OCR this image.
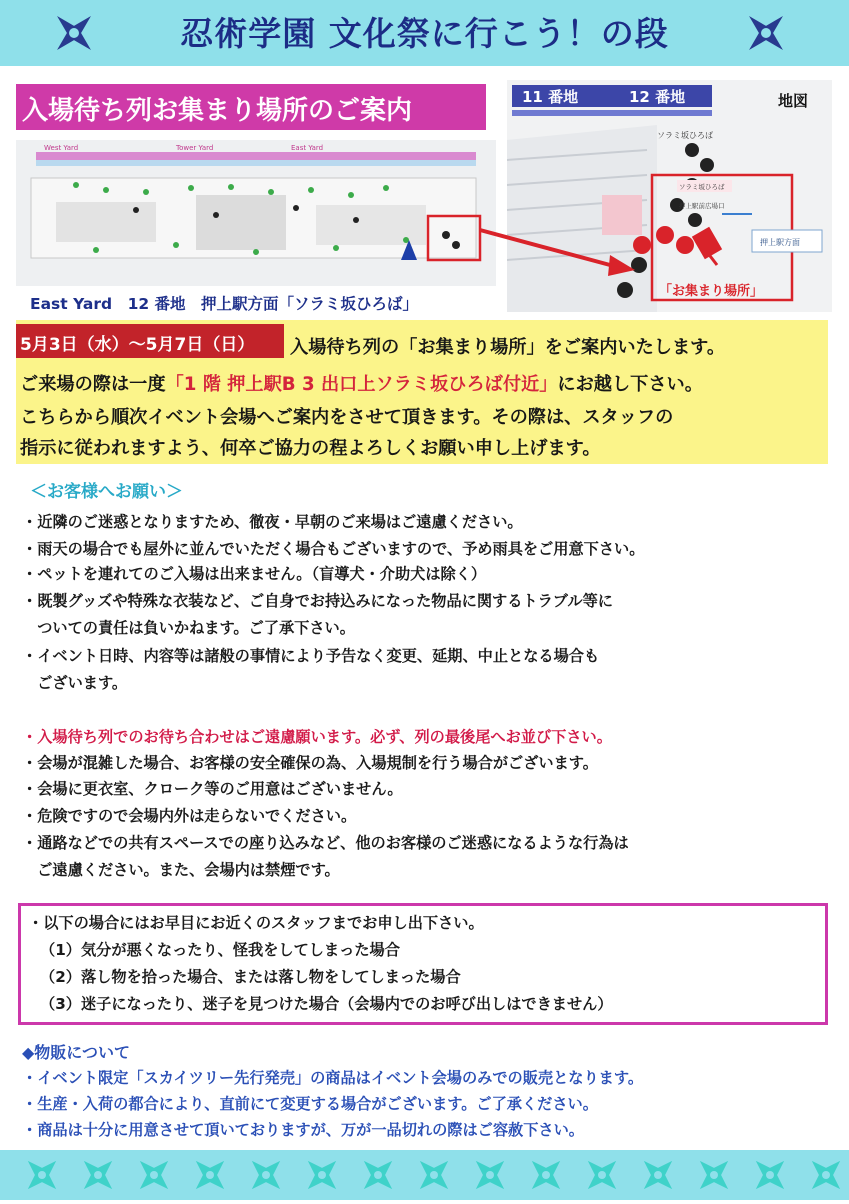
忍術学園 文化祭に行こう！の段
入場待ち列お集まり場所のご案内
West Yard	Tower Yard	East Yard
11 番地	12 番地
ソラミ坂ひろば
ソラミ坂ひろば
押上駅前広場口
「お集まり場所」
押上駅方面
地図
East Yard　12 番地　押上駅方面「ソラミ坂ひろば」
5月3日（水）～5月7日（日） 入場待ち列の「お集まり場所」をご案内いたします。
ご来場の際は一度「1 階 押上駅B 3 出口上ソラミ坂ひろば付近」にお越し下さい。
こちらから順次イベント会場へご案内をさせて頂きます。その際は、スタッフの
指示に従われますよう、何卒ご協力の程よろしくお願い申し上げます。
＜お客様へお願い＞
・近隣のご迷惑となりますため、徹夜・早朝のご来場はご遠慮ください。
・雨天の場合でも屋外に並んでいただく場合もございますので、予め雨具をご用意下さい。
・ペットを連れてのご入場は出来ません。（盲導犬・介助犬は除く）
・既製グッズや特殊な衣装など、ご自身でお持込みになった物品に関するトラブル等に
　ついての責任は負いかねます。ご了承下さい。
・イベント日時、内容等は諸般の事情により予告なく変更、延期、中止となる場合も
　ございます。
・入場待ち列でのお待ち合わせはご遠慮願います。必ず、列の最後尾へお並び下さい。
・会場が混雑した場合、お客様の安全確保の為、入場規制を行う場合がございます。
・会場に更衣室、クローク等のご用意はございません。
・危険ですので会場内外は走らないでください。
・通路などでの共有スペースでの座り込みなど、他のお客様のご迷惑になるような行為は
　ご遠慮ください。また、会場内は禁煙です。
・以下の場合にはお早目にお近くのスタッフまでお申し出下さい。
（1）気分が悪くなったり、怪我をしてしまった場合
（2）落し物を拾った場合、または落し物をしてしまった場合
（3）迷子になったり、迷子を見つけた場合（会場内でのお呼び出しはできません）
◆物販について
・イベント限定「スカイツリー先行発売」の商品はイベント会場のみでの販売となります。
・生産・入荷の都合により、直前にて変更する場合がございます。ご了承ください。
・商品は十分に用意させて頂いておりますが、万が一品切れの際はご容赦下さい。
